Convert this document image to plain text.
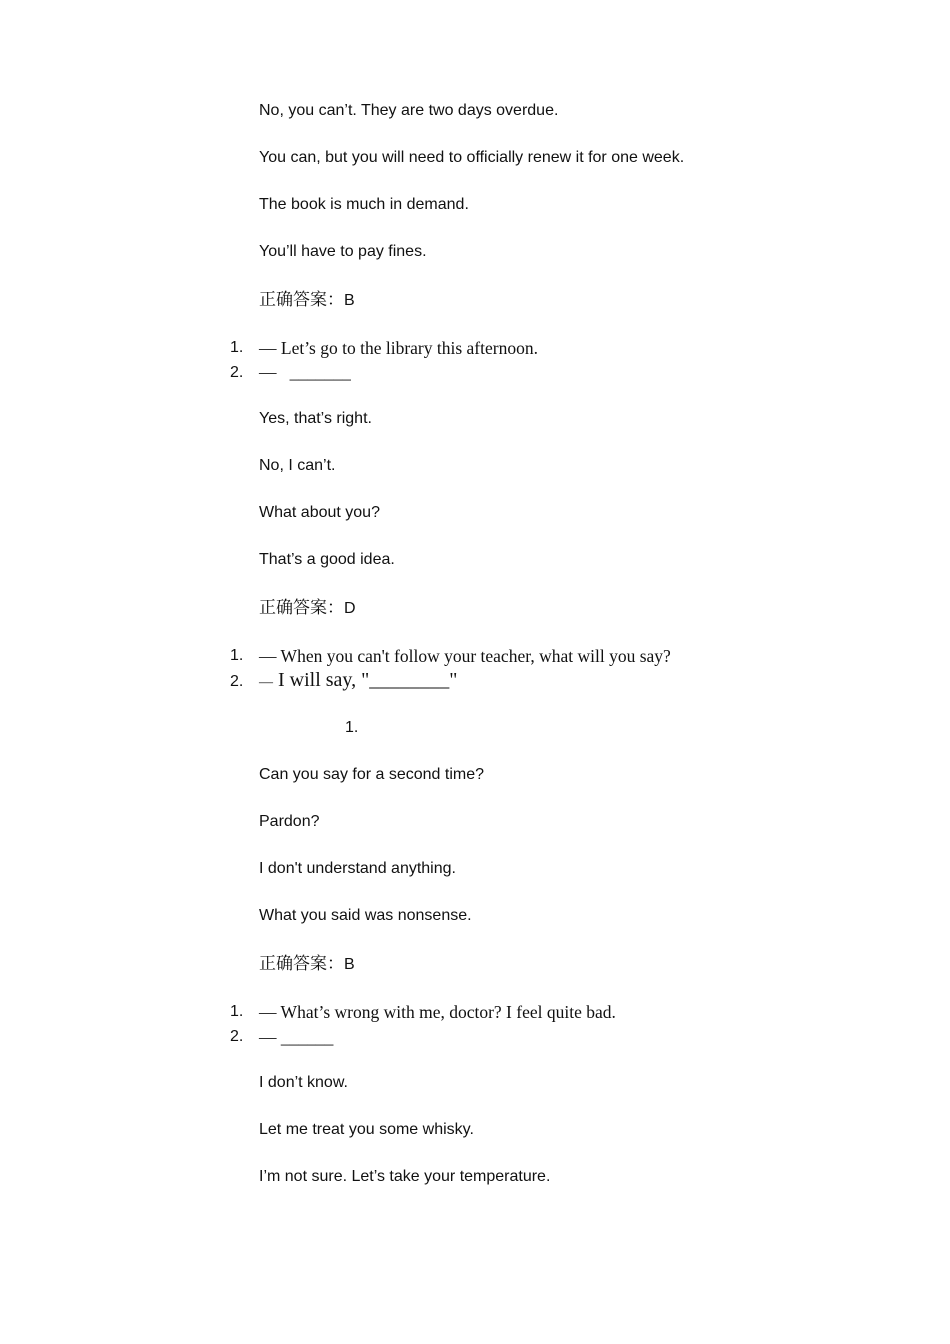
No, you can’t. They are two days overdue.
You can, but you will need to officially renew it for one week.
The book is much in demand.
You’ll have to pay fines.
正确答案：B
1. — Let’s go to the library this afternoon.
2. — _______
Yes, that’s right.
No, I can’t.
What about you?
That’s a good idea.
正确答案：D
1. — When you can't follow your teacher, what will you say?
2. — I will say, "________"
1.
Can you say for a second time?
Pardon?
I don't understand anything.
What you said was nonsense.
正确答案：B
1. — What’s wrong with me, doctor? I feel quite bad.
2. — ______
I don’t know.
Let me treat you some whisky.
I’m not sure. Let’s take your temperature.
